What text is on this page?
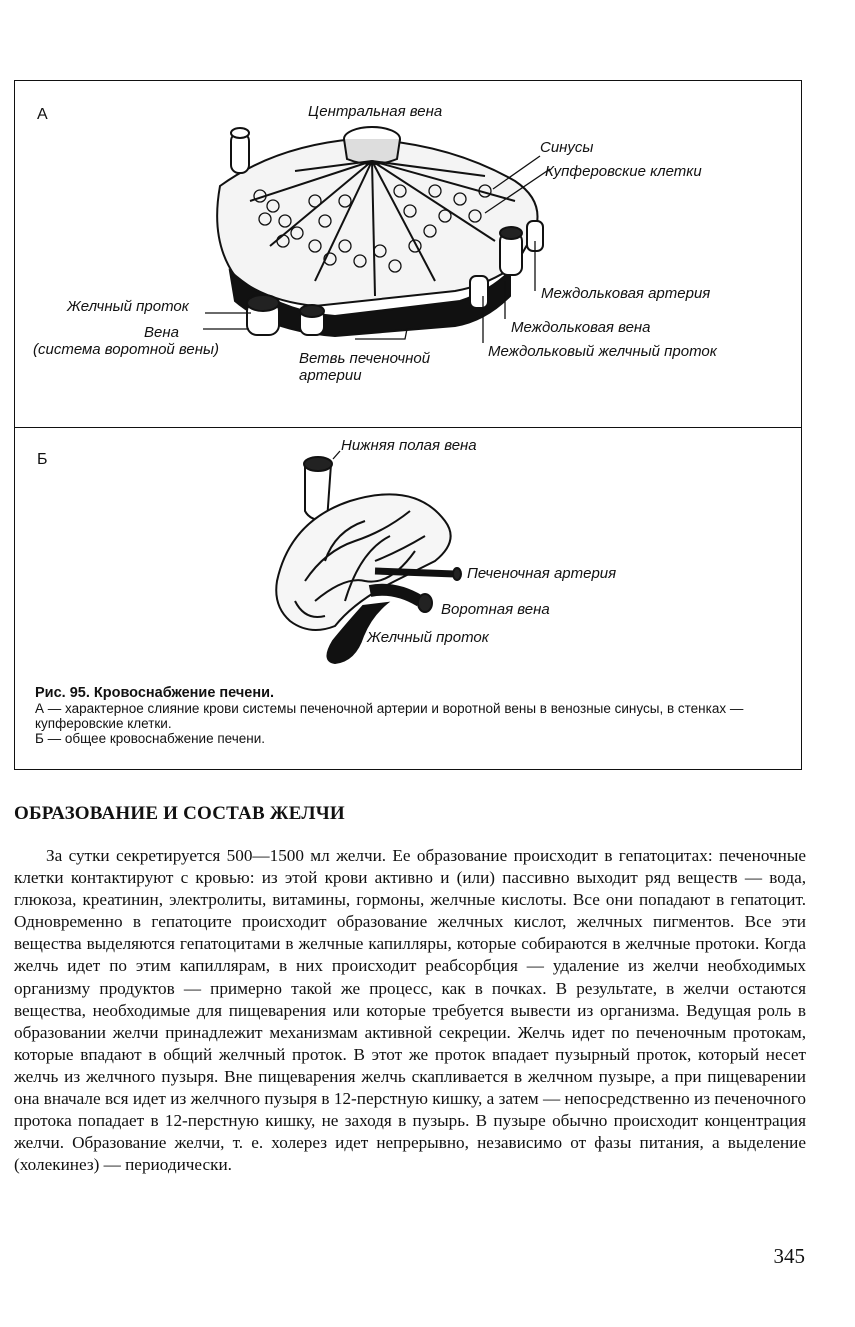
А	Центральная вена
Синусы
Купферовские клетки
Желчный проток
Вена
(система воротной вены)
Ветвь печеночной
артерии
Междольковая артерия
Междольковая вена
Междольковый желчный проток
Б
Нижняя полая вена
Печеночная артерия
Воротная вена
Желчный проток
Рис. 95. Кровоснабжение печени.
А — характерное слияние крови системы печеночной артерии и воротной вены в венозные синусы, в стенках — купферовские клетки.
Б — общее кровоснабжение печени.
ОБРАЗОВАНИЕ И СОСТАВ ЖЕЛЧИ
За сутки секретируется 500—1500 мл желчи. Ее образование происходит в гепатоцитах: печеночные клетки контактируют с кровью: из этой крови активно и (или) пассивно выходит ряд веществ — вода, глюкоза, креатинин, электролиты, витамины, гормоны, желчные кислоты. Все они попадают в гепатоцит. Одновременно в гепатоците происходит образование желчных кислот, желчных пигментов. Все эти вещества выделяются гепатоцитами в желчные капилляры, которые собираются в желчные протоки. Когда желчь идет по этим капиллярам, в них происходит реабсорбция — удаление из желчи необходимых организму продуктов — примерно такой же процесс, как в почках. В результате, в желчи остаются вещества, необходимые для пищеварения или которые требуется вывести из организма. Ведущая роль в образовании желчи принадлежит механизмам активной секреции. Желчь идет по печеночным протокам, которые впадают в общий желчный проток. В этот же проток впадает пузырный проток, который несет желчь из желчного пузыря. Вне пищеварения желчь скапливается в желчном пузыре, а при пищеварении она вначале вся идет из желчного пузыря в 12-перстную кишку, а затем — непосредственно из печеночного протока попадает в 12-перстную кишку, не заходя в пузырь. В пузыре обычно происходит концентрация желчи. Образование желчи, т. е. холерез идет непрерывно, независимо от фазы питания, а выделение (холекинез) — периодически.
345
